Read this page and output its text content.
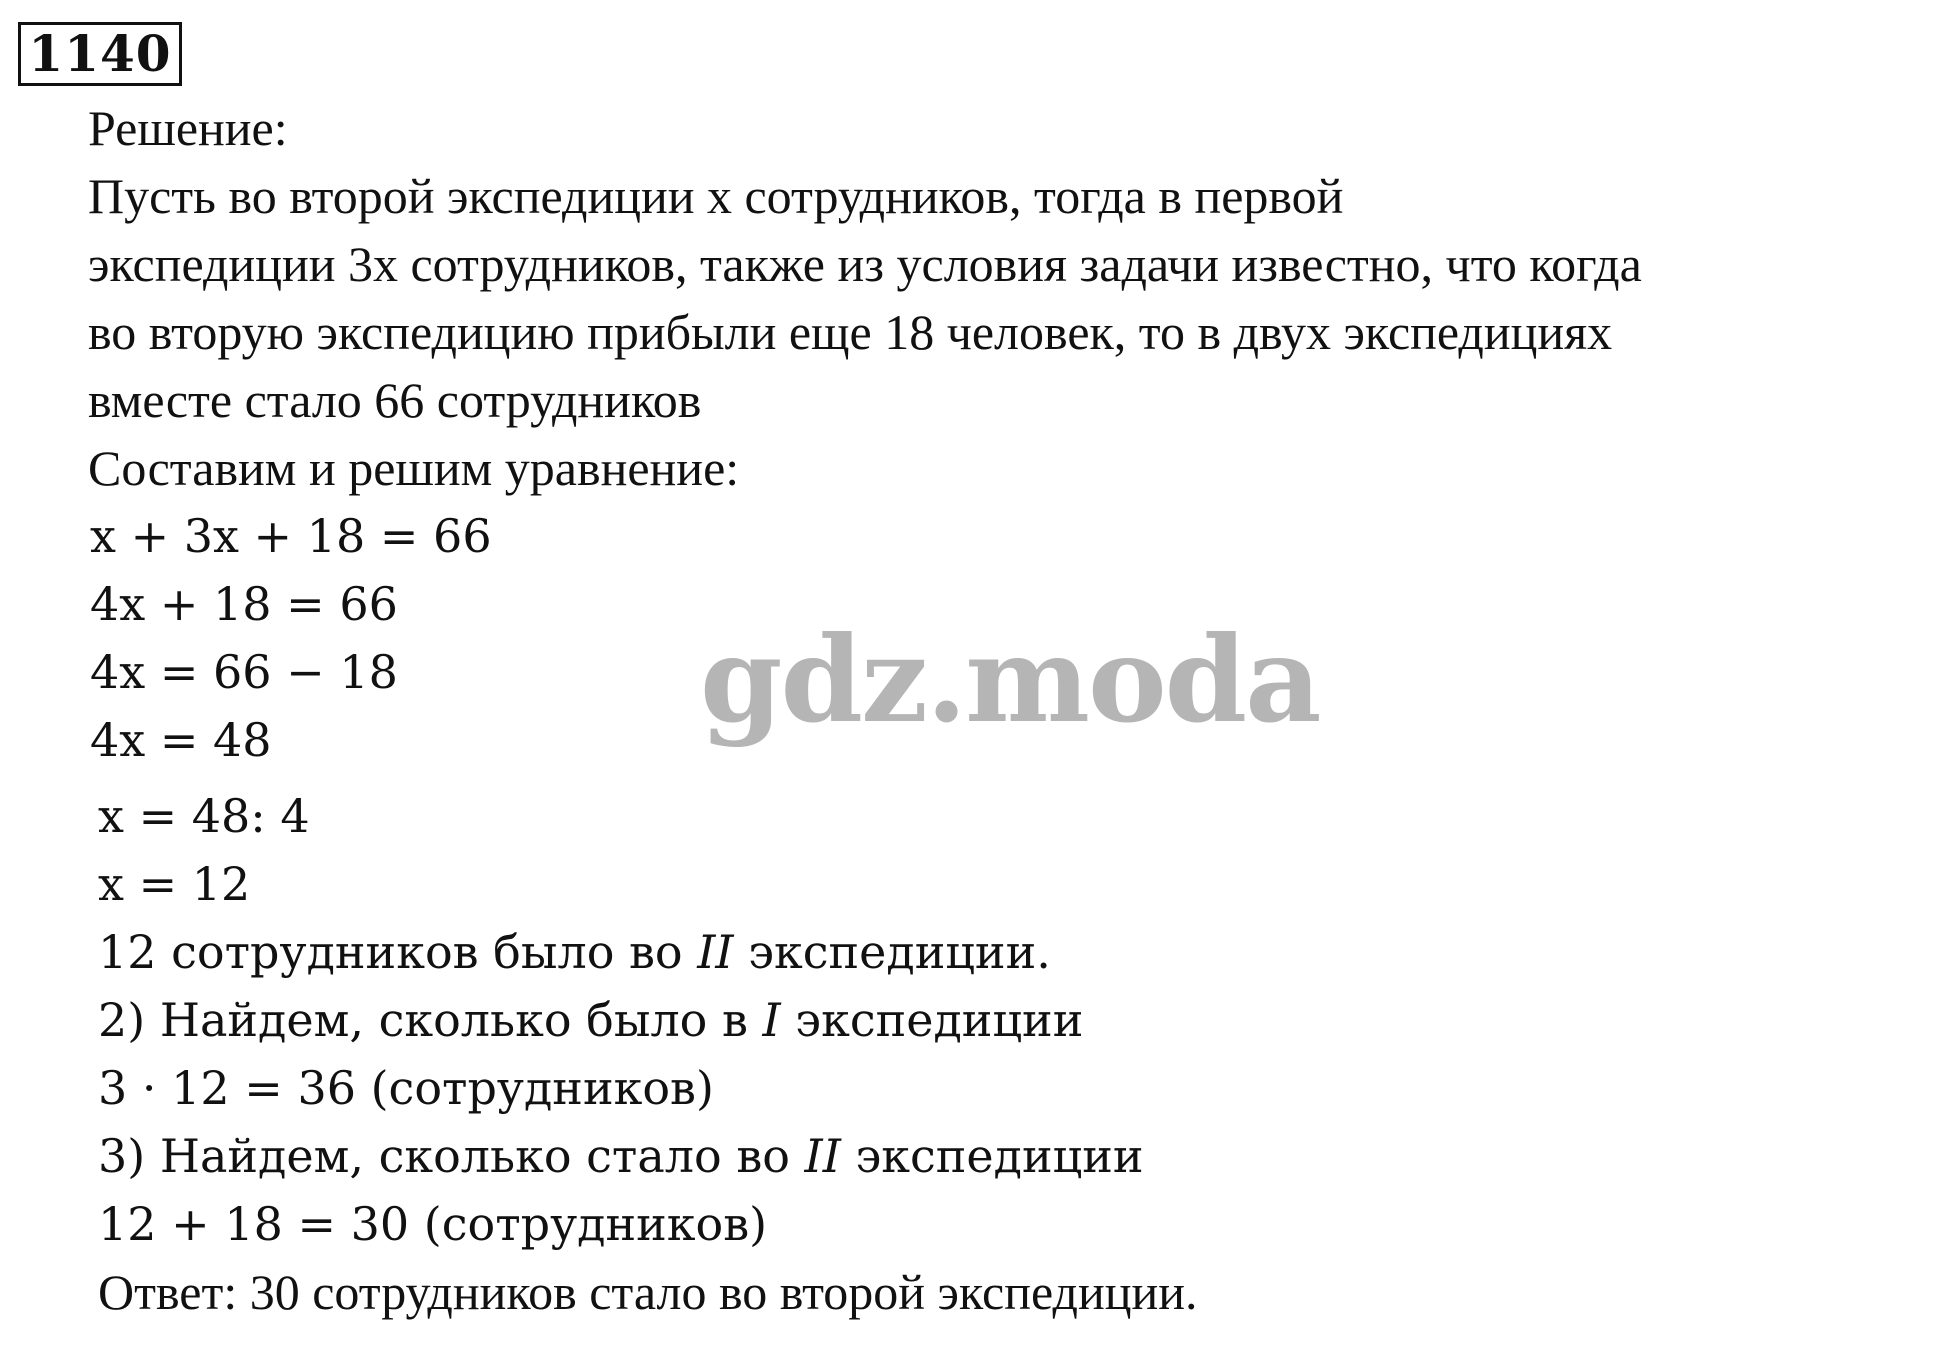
1140
Решение:
Пусть во второй экспедиции x сотрудников, тогда в первой
экспедиции 3x сотрудников, также из условия задачи известно, что когда
во вторую экспедицию прибыли еще 18 человек, то в двух экспедициях
вместе стало 66 сотрудников
Составим и решим уравнение:
x + 3x + 18 = 66
4x + 18 = 66
4x = 66 − 18
4x = 48
x = 48: 4
x = 12
12 сотрудников было во II экспедиции.
2) Найдем, сколько было в I экспедиции
3 · 12 = 36 (сотрудников)
3) Найдем, сколько стало во II экспедиции
12 + 18 = 30 (сотрудников)
Ответ: 30 сотрудников стало во второй экспедиции.
gdz.moda
